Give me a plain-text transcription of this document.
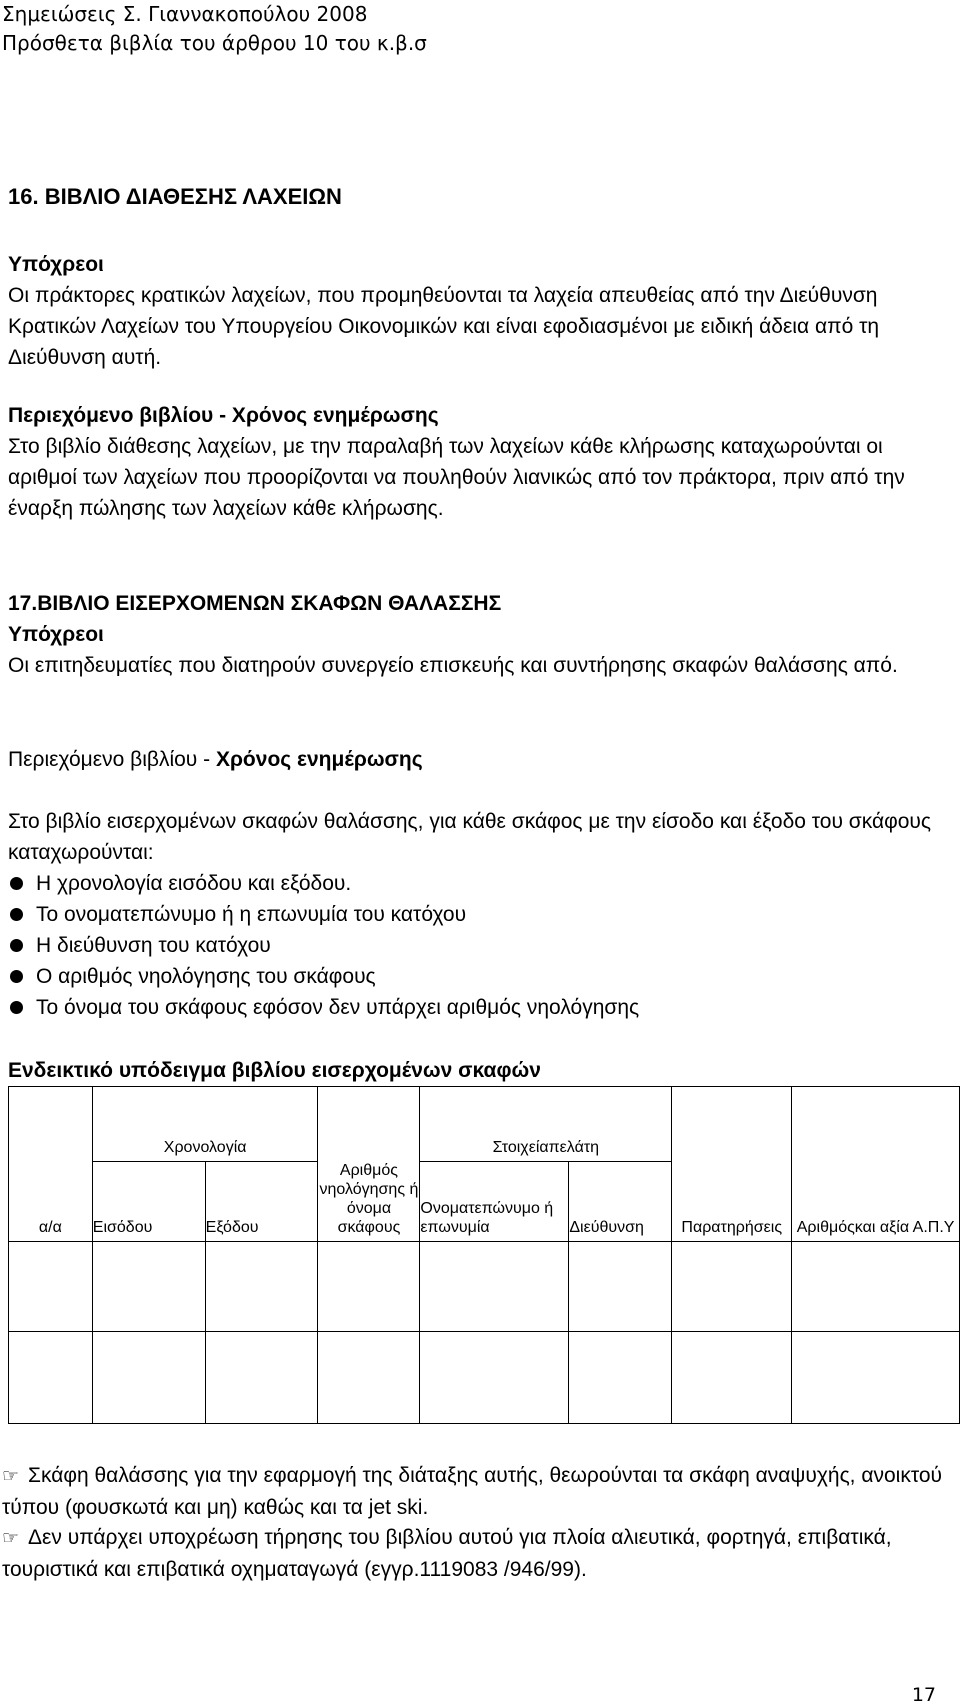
Σημειώσεις Σ. Γιαννακοπούλου 2008
Πρόσθετα βιβλία του άρθρου 10 του κ.β.σ

16. ΒΙΒΛΙΟ ΔΙΑΘΕΣΗΣ ΛΑΧΕΙΩΝ

Υπόχρεοι

Οι πράκτορες κρατικών λαχείων, που προμηθεύονται τα λαχεία απευθείας από την Διεύθυνση Κρατικών Λαχείων του Υπουργείου Οικονομικών και είναι εφοδιασμένοι με ειδική άδεια από τη Διεύθυνση αυτή.

Περιεχόμενο βιβλίου - Χρόνος ενημέρωσης

Στο βιβλίο διάθεσης λαχείων, με την παραλαβή των λαχείων κάθε κλήρωσης καταχωρούνται οι αριθμοί των λαχείων που προορίζονται να πουληθούν λιανικώς από τον πράκτορα, πριν από την έναρξη πώλησης των λαχείων κάθε κλήρωσης.

17.ΒΙΒΛΙΟ ΕΙΣΕΡΧΟΜΕΝΩΝ ΣΚΑΦΩΝ ΘΑΛΑΣΣΗΣ

Υπόχρεοι

Οι επιτηδευματίες που διατηρούν συνεργείο επισκευής και συντήρησης σκαφών θαλάσσης από.

Περιεχόμενο βιβλίου - Χρόνος ενημέρωσης

Στο βιβλίο εισερχομένων σκαφών θαλάσσης, για κάθε σκάφος με την είσοδο και έξοδο του σκάφους καταχωρούνται:

Η χρονολογία εισόδου και εξόδου.
Το ονοματεπώνυμο ή η επωνυμία του κατόχου
Η διεύθυνση του κατόχου
Ο αριθμός νηολόγησης του σκάφους
Το όνομα του σκάφους εφόσον δεν υπάρχει αριθμός νηολόγησης

Ενδεικτικό υπόδειγμα βιβλίου εισερχομένων σκαφών

α/α	Χρονολογία		Αριθμός νηολόγησης ή όνομα σκάφους	Στοιχείαπελάτη		Παρατηρήσεις	Αριθμόςκαι αξία Α.Π.Υ

	Εισόδου	Εξόδου		Ονοματεπώνυμο ή επωνυμία	Διεύθυνση		

☞ Σκάφη θαλάσσης για την εφαρμογή της διάταξης αυτής, θεωρούνται τα σκάφη αναψυχής, ανοικτού τύπου (φουσκωτά και μη) καθώς και τα jet ski.
☞ Δεν υπάρχει υποχρέωση τήρησης του βιβλίου αυτού για πλοία αλιευτικά, φορτηγά, επιβατικά, τουριστικά και επιβατικά οχηματαγωγά (εγγρ.1119083 /946/99).
17
